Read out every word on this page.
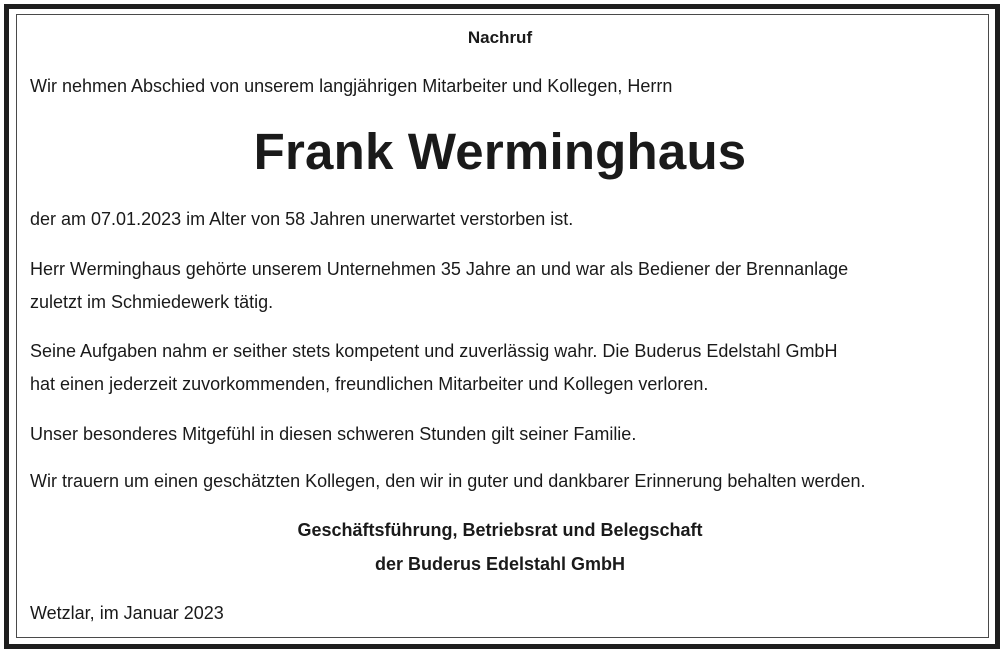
Nachruf
Wir nehmen Abschied von unserem langjährigen Mitarbeiter und Kollegen, Herrn
Frank Werminghaus
der am 07.01.2023 im Alter von 58 Jahren unerwartet verstorben ist.
Herr Werminghaus gehörte unserem Unternehmen 35 Jahre an und war als Bediener der Brennanlage
zuletzt im Schmiedewerk tätig.
Seine Aufgaben nahm er seither stets kompetent und zuverlässig wahr. Die Buderus Edelstahl GmbH
hat einen jederzeit zuvorkommenden, freundlichen Mitarbeiter und Kollegen verloren.
Unser besonderes Mitgefühl in diesen schweren Stunden gilt seiner Familie.
Wir trauern um einen geschätzten Kollegen, den wir in guter und dankbarer Erinnerung behalten werden.
Geschäftsführung, Betriebsrat und Belegschaft
der Buderus Edelstahl GmbH
Wetzlar, im Januar 2023
